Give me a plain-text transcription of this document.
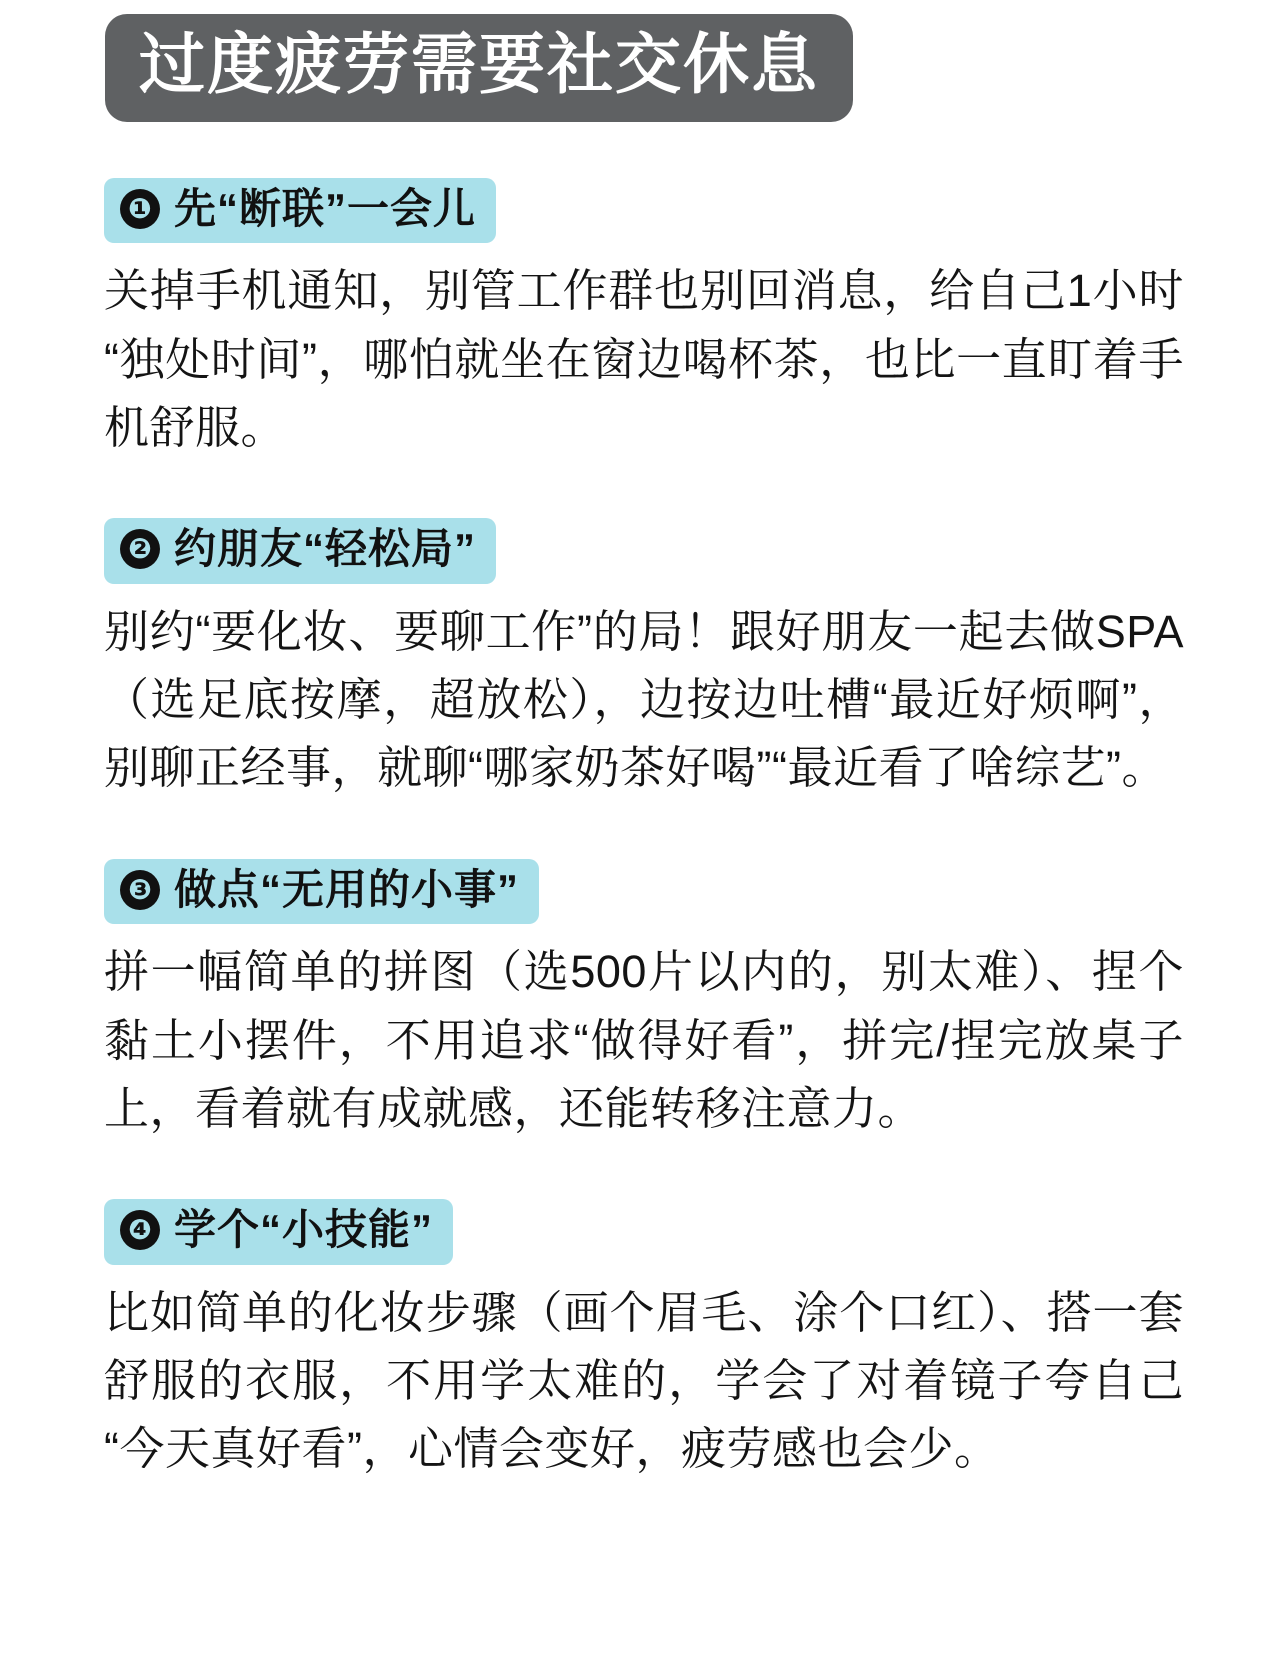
过度疲劳需要社交休息
❶ 先“断联”一会儿
关掉手机通知，别管工作群也别回消息，给自己1小时“独处时间”，哪怕就坐在窗边喝杯茶，也比一直盯着手机舒服。
❷ 约朋友“轻松局”
别约“要化妆、要聊工作”的局！跟好朋友一起去做SPA（选足底按摩，超放松），边按边吐槽“最近好烦啊”，别聊正经事，就聊“哪家奶茶好喝”“最近看了啥综艺”。
❸ 做点“无用的小事”
拼一幅简单的拼图（选500片以内的，别太难）、捏个黏土小摆件，不用追求“做得好看”，拼完/捏完放桌子上，看着就有成就感，还能转移注意力。
❹ 学个“小技能”
比如简单的化妆步骤（画个眉毛、涂个口红）、搭一套舒服的衣服，不用学太难的，学会了对着镜子夸自己“今天真好看”，心情会变好，疲劳感也会少。
